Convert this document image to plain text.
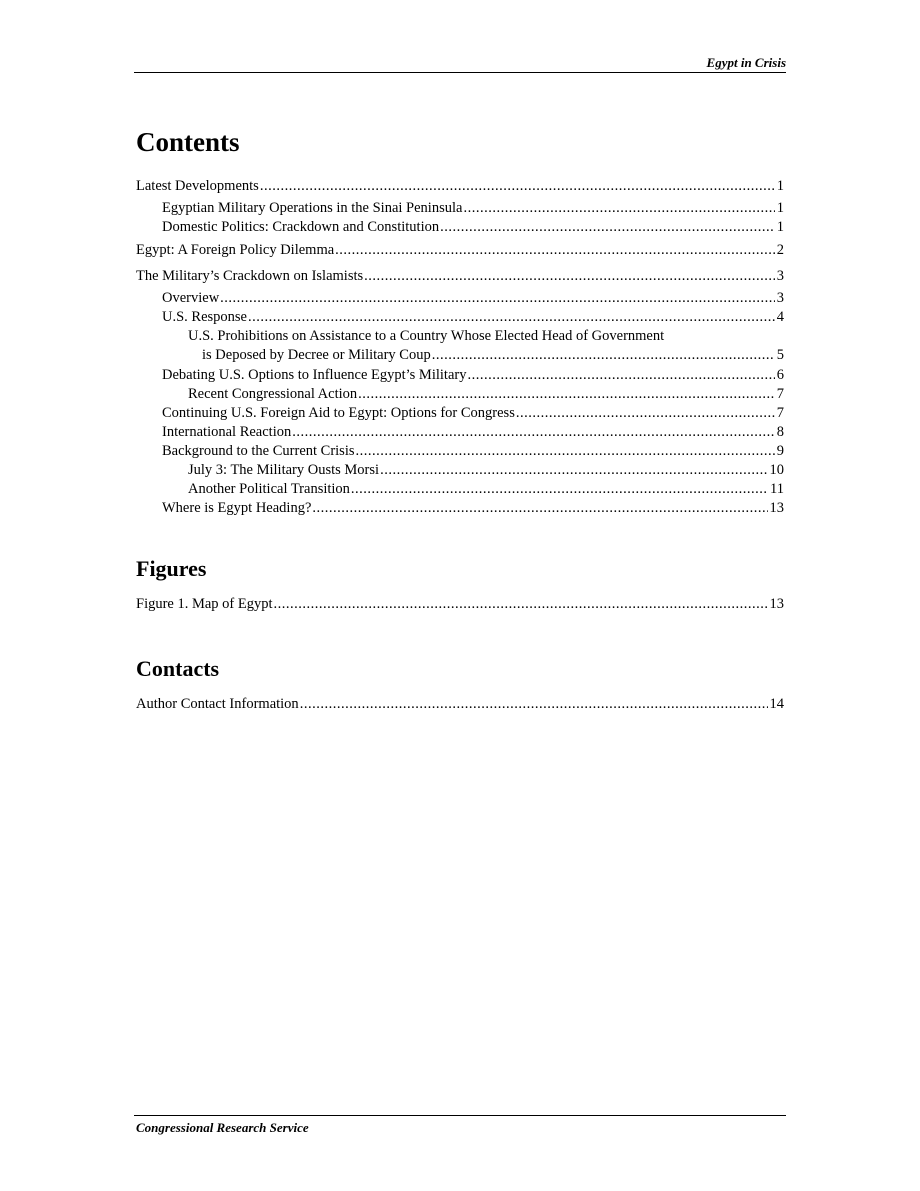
Egypt in Crisis
Contents
Latest Developments .....	1
Egyptian Military Operations in the Sinai Peninsula .....	1
Domestic Politics: Crackdown and Constitution .....	1
Egypt: A Foreign Policy Dilemma .....	2
The Military’s Crackdown on Islamists .....	3
Overview .....	3
U.S. Response .....	4
U.S. Prohibitions on Assistance to a Country Whose Elected Head of Government
is Deposed by Decree or Military Coup .....	5
Debating U.S. Options to Influence Egypt’s Military .....	6
Recent Congressional Action .....	7
Continuing U.S. Foreign Aid to Egypt: Options for Congress .....	7
International Reaction .....	8
Background to the Current Crisis .....	9
July 3: The Military Ousts Morsi .....	10
Another Political Transition .....	11
Where is Egypt Heading? .....	13
Figures
Figure 1. Map of Egypt .....	13
Contacts
Author Contact Information .....	14
Congressional Research Service
